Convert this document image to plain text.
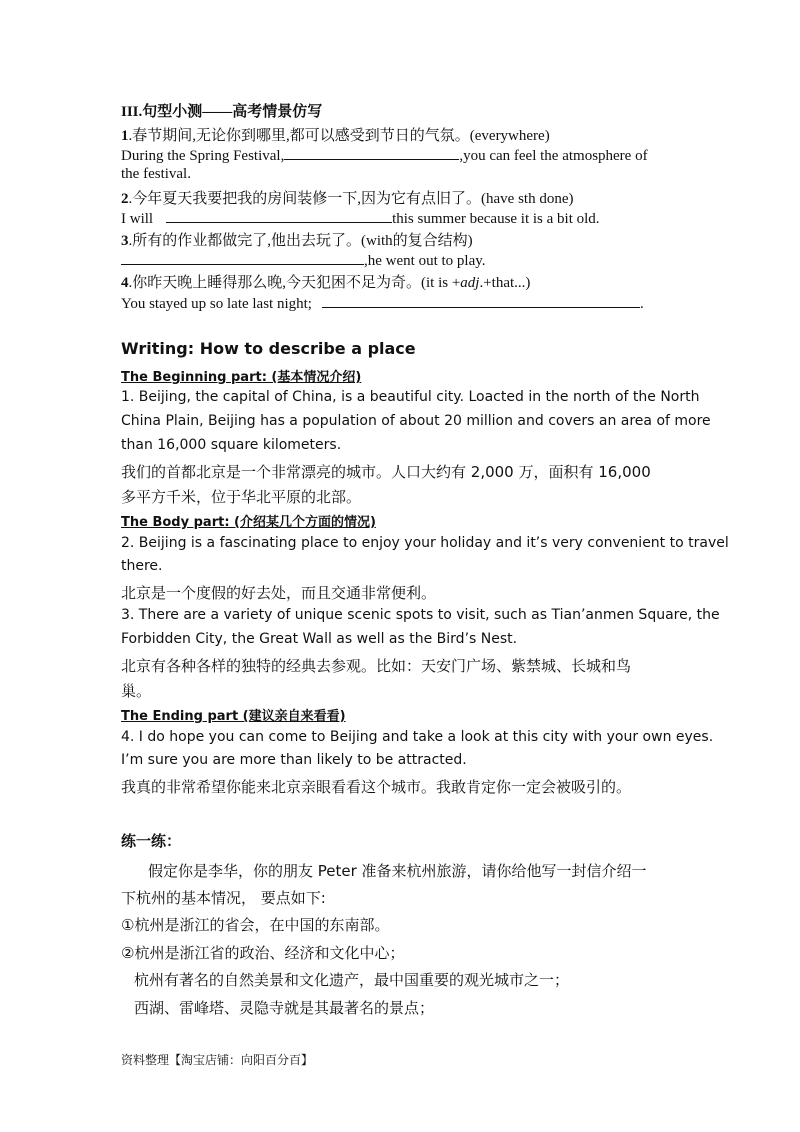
III.句型小测——高考情景仿写
1.春节期间,无论你到哪里,都可以感受到节日的气氛。(everywhere)
During the Spring Festival,	,you can feel the atmosphere of
the festival.
2.今年夏天我要把我的房间装修一下,因为它有点旧了。(have sth done)
I will	this summer because it is a bit old.
3.所有的作业都做完了,他出去玩了。(with的复合结构)
,he went out to play.
4.你昨天晚上睡得那么晚,今天犯困不足为奇。(it is +adj.+that...)
You stayed up so late last night;	.
Writing: How to describe a place
The Beginning part: (基本情况介绍)
1. Beijing, the capital of China, is a beautiful city. Loacted in the north of the North
China Plain, Beijing has a population of about 20 million and covers an area of more
than 16,000 square kilometers.
我们的首都北京是一个非常漂亮的城市。人口大约有 2,000 万，面积有 16,000
多平方千米，位于华北平原的北部。
The Body part: (介绍某几个方面的情况)
2. Beijing is a fascinating place to enjoy your holiday and it’s very convenient to travel
there.
北京是一个度假的好去处，而且交通非常便利。
3. There are a variety of unique scenic spots to visit, such as Tian’anmen Square, the
Forbidden City, the Great Wall as well as the Bird’s Nest.
北京有各种各样的独特的经典去参观。比如：天安门广场、紫禁城、长城和鸟
巢。
The Ending part (建议亲自来看看)
4. I do hope you can come to Beijing and take a look at this city with your own eyes.
I’m sure you are more than likely to be attracted.
我真的非常希望你能来北京亲眼看看这个城市。我敢肯定你一定会被吸引的。
练一练：
假定你是李华，你的朋友 Peter 准备来杭州旅游，请你给他写一封信介绍一
下杭州的基本情况， 要点如下:
①杭州是浙江的省会，在中国的东南部。
②杭州是浙江省的政治、经济和文化中心；
杭州有著名的自然美景和文化遗产，最中国重要的观光城市之一；
西湖、雷峰塔、灵隐寺就是其最著名的景点；
资料整理【淘宝店铺：向阳百分百】
